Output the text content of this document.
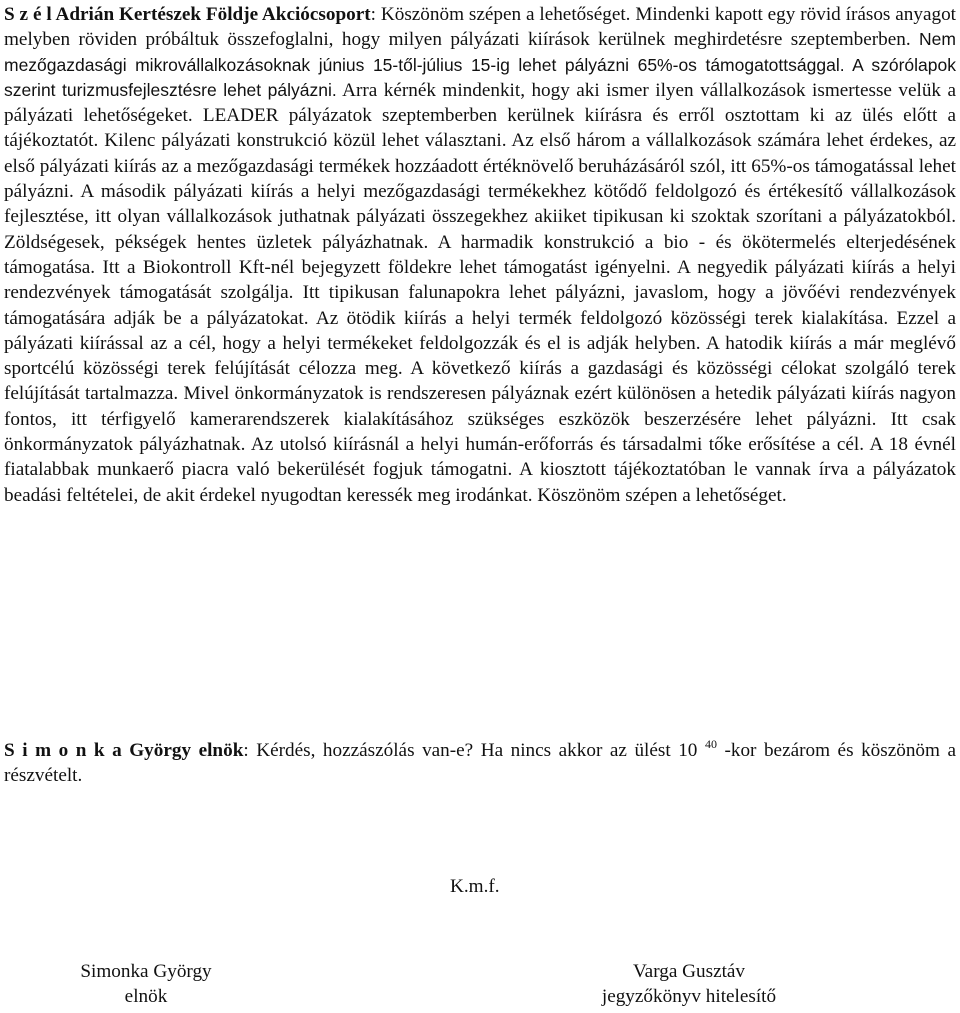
S z é l Adrián Kertészek Földje Akciócsoport: Köszönöm szépen a lehetőséget. Mindenki kapott egy rövid írásos anyagot melyben röviden próbáltuk összefoglalni, hogy milyen pályázati kiírások kerülnek meghirdetésre szeptemberben. Nem mezőgazdasági mikrovállalkozásoknak június 15-től-július 15-ig lehet pályázni 65%-os támogatottsággal. A szórólapok szerint turizmusfejlesztésre lehet pályázni. Arra kérnék mindenkit, hogy aki ismer ilyen vállalkozások ismertesse velük a pályázati lehetőségeket. LEADER pályázatok szeptemberben kerülnek kiírásra és erről osztottam ki az ülés előtt a tájékoztatót. Kilenc pályázati konstrukció közül lehet választani. Az első három a vállalkozások számára lehet érdekes, az első pályázati kiírás az a mezőgazdasági termékek hozzáadott értéknövelő beruházásáról szól, itt 65%-os támogatással lehet pályázni. A második pályázati kiírás a helyi mezőgazdasági termékekhez kötődő feldolgozó és értékesítő vállalkozások fejlesztése, itt olyan vállalkozások juthatnak pályázati összegekhez akiiket tipikusan ki szoktak szorítani a pályázatokból. Zöldségesek, pékségek hentes üzletek pályázhatnak. A harmadik konstrukció a bio - és ökötermelés elterjedésének támogatása. Itt a Biokontroll Kft-nél bejegyzett földekre lehet támogatást igényelni. A negyedik pályázati kiírás a helyi rendezvények támogatását szolgálja. Itt tipikusan falunapokra lehet pályázni, javaslom, hogy a jövőévi rendezvények támogatására adják be a pályázatokat. Az ötödik kiírás a helyi termék feldolgozó közösségi terek kialakítása. Ezzel a pályázati kiírással az a cél, hogy a helyi termékeket feldolgozzák és el is adják helyben. A hatodik kiírás a már meglévő sportcélú közösségi terek felújítását célozza meg. A következő kiírás a gazdasági és közösségi célokat szolgáló terek felújítását tartalmazza. Mivel önkormányzatok is rendszeresen pályáznak ezért különösen a hetedik pályázati kiírás nagyon fontos, itt térfigyelő kamerarendszerek kialakításához szükséges eszközök beszerzésére lehet pályázni. Itt csak önkormányzatok pályázhatnak. Az utolsó kiírásnál a helyi humán-erőforrás és társadalmi tőke erősítése a cél. A 18 évnél fiatalabbak munkaerő piacra való bekerülését fogjuk támogatni. A kiosztott tájékoztatóban le vannak írva a pályázatok beadási feltételei, de akit érdekel nyugodtan keressék meg irodánkat. Köszönöm szépen a lehetőséget.

S i m o n k a György elnök: Kérdés, hozzászólás van-e? Ha nincs akkor az ülést 10 $^{40}$ -kor bezárom és köszönöm a részvételt.

K.m.f.
Simonka György
elnök
Varga Gusztáv
jegyzőkönyv hitelesítő
